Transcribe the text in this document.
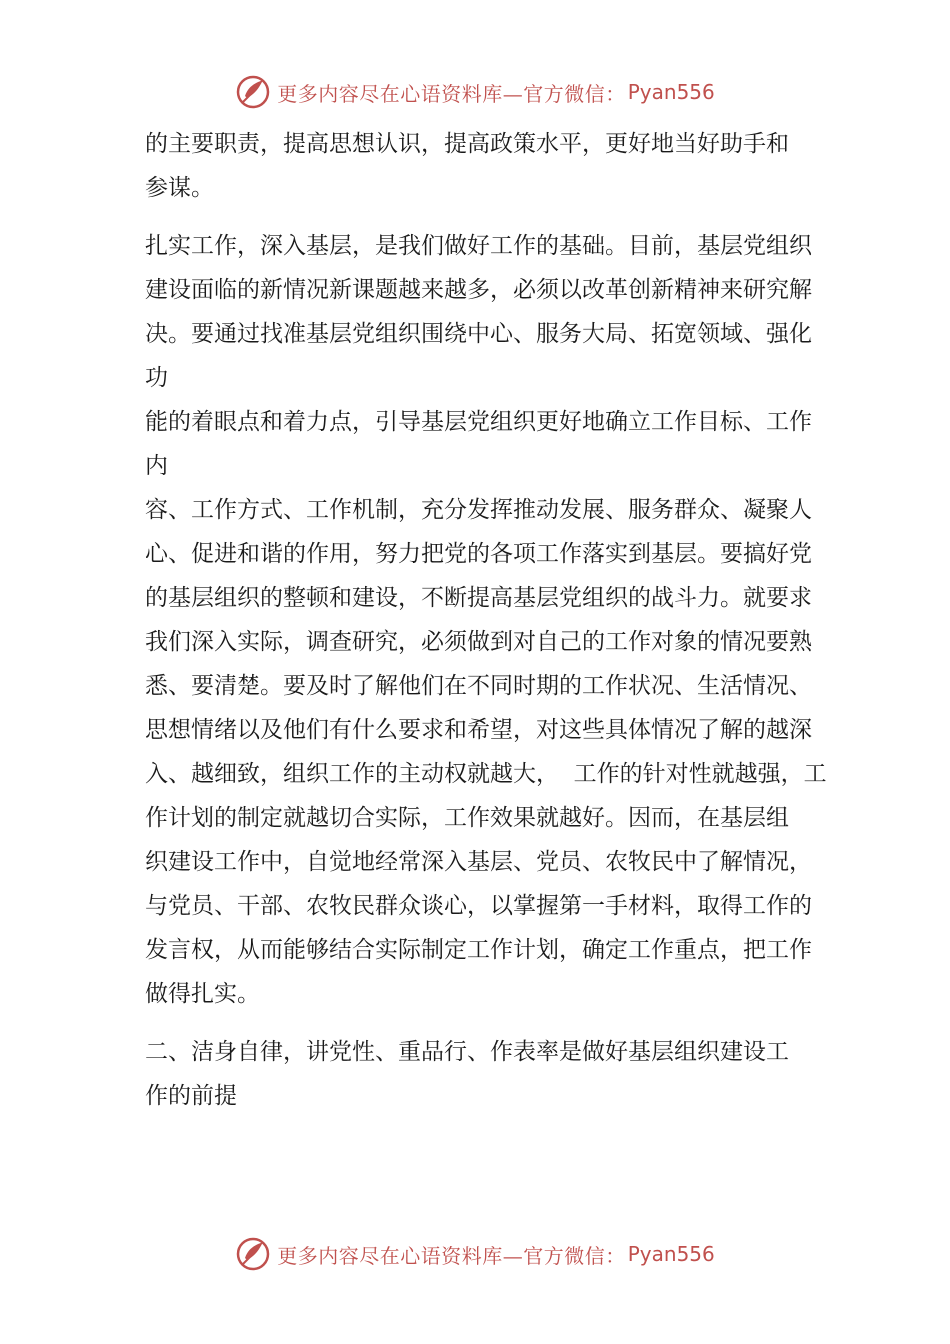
更多内容尽在心语资料库—官方微信： Pyan556

的主要职责，提高思想认识，提高政策水平，更好地当好助手和
参谋。

扎实工作，深入基层，是我们做好工作的基础。目前，基层党组织
建设面临的新情况新课题越来越多，必须以改革创新精神来研究解
决。要通过找准基层党组织围绕中心、服务大局、拓宽领域、强化功
能的着眼点和着力点，引导基层党组织更好地确立工作目标、工作内
容、工作方式、工作机制，充分发挥推动发展、服务群众、凝聚人
心、促进和谐的作用，努力把党的各项工作落实到基层。要搞好党
的基层组织的整顿和建设，不断提高基层党组织的战斗力。就要求
我们深入实际，调查研究，必须做到对自己的工作对象的情况要熟
悉、要清楚。要及时了解他们在不同时期的工作状况、生活情况、
思想情绪以及他们有什么要求和希望，对这些具体情况了解的越深
入、越细致，组织工作的主动权就越大，  工作的针对性就越强，工
作计划的制定就越切合实际，工作效果就越好。因而，在基层组
织建设工作中，自觉地经常深入基层、党员、农牧民中了解情况，
与党员、干部、农牧民群众谈心，以掌握第一手材料，取得工作的
发言权，从而能够结合实际制定工作计划，确定工作重点，把工作
做得扎实。

二、洁身自律，讲党性、重品行、作表率是做好基层组织建设工
作的前提

更多内容尽在心语资料库—官方微信： Pyan556
